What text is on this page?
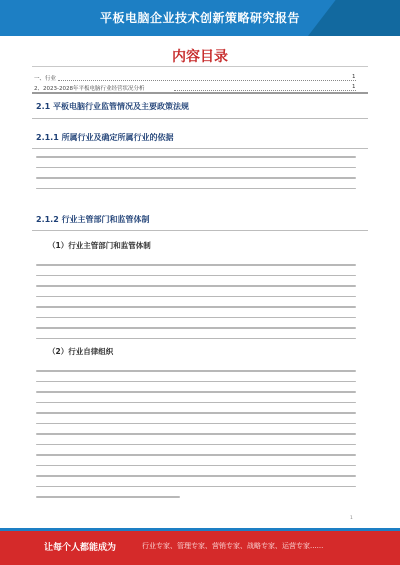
平板电脑企业技术创新策略研究报告
内容目录
一、行业	1
2、2023-2028年平板电脑行业经营状况分析	1
2.1 平板电脑行业监管情况及主要政策法规
2.1.1 所属行业及确定所属行业的依据
2.1.2 行业主管部门和监管体制
（1）行业主管部门和监管体制
（2）行业自律组织
1
让每个人都能成为	行业专家、管理专家、营销专家、战略专家、运营专家......
